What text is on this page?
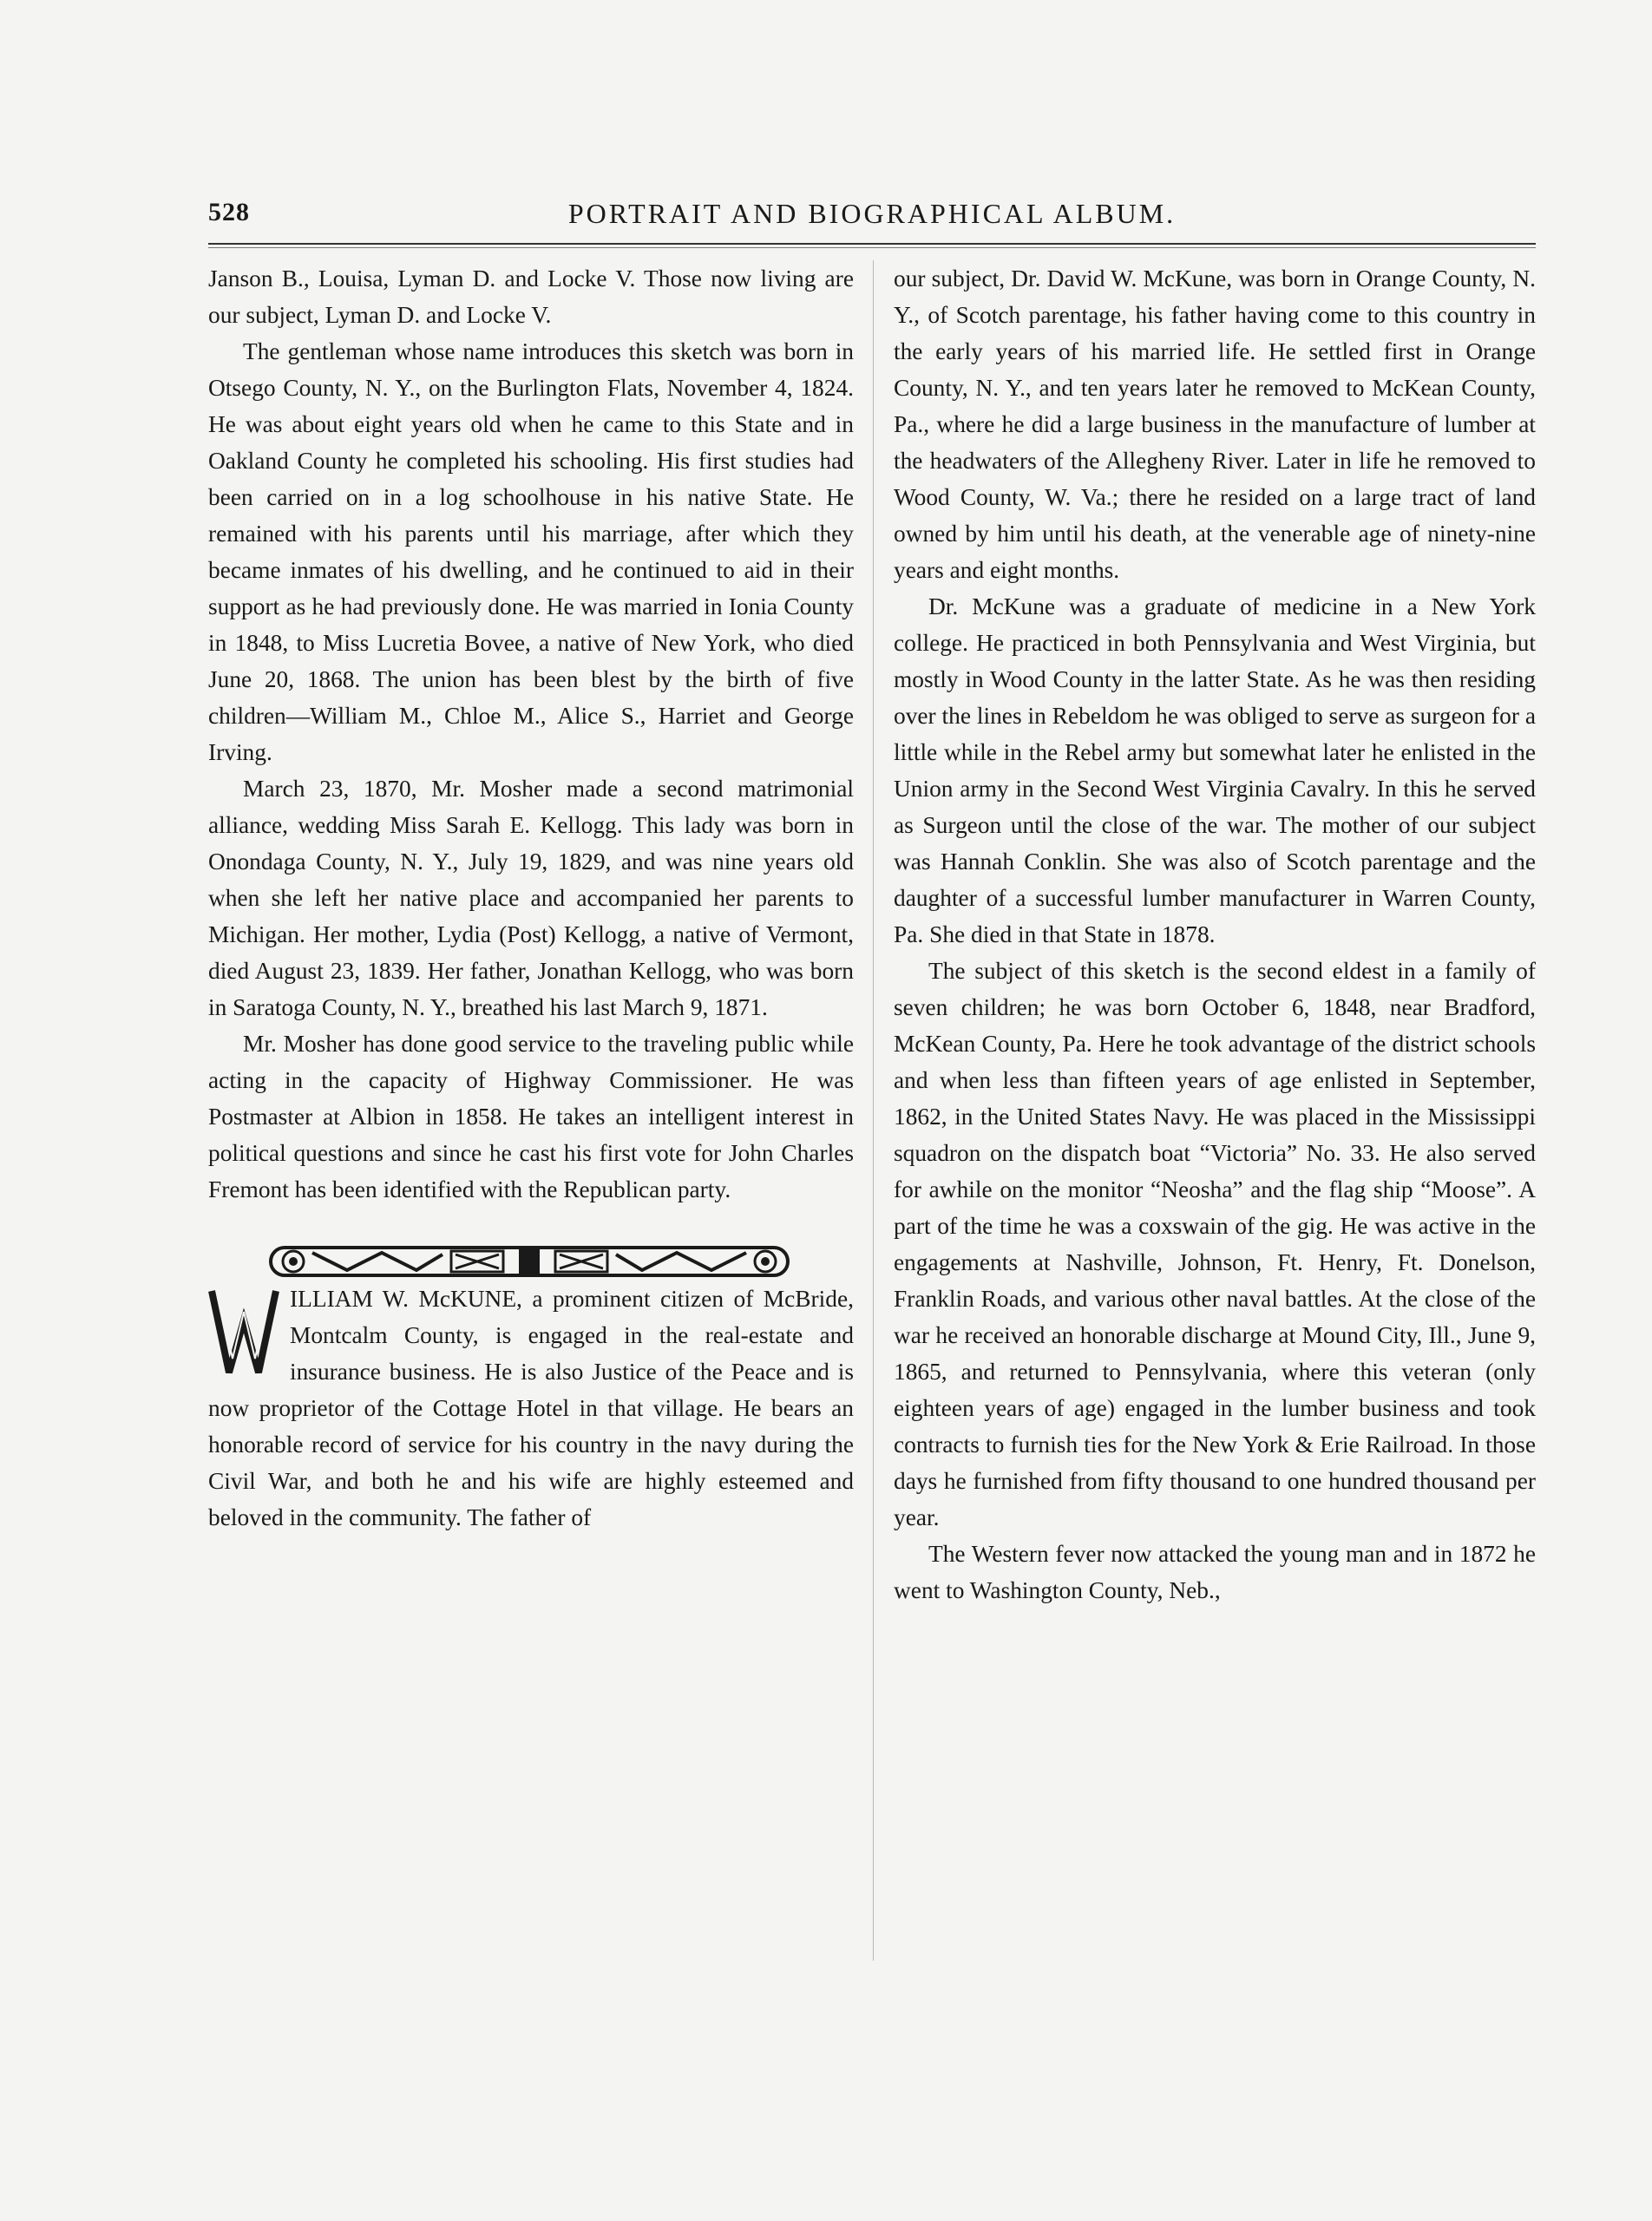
528	PORTRAIT AND BIOGRAPHICAL ALBUM.

Janson B., Louisa, Lyman D. and Locke V. Those now living are our subject, Lyman D. and Locke V.

The gentleman whose name introduces this sketch was born in Otsego County, N. Y., on the Burlington Flats, November 4, 1824. He was about eight years old when he came to this State and in Oakland County he completed his schooling. His first studies had been carried on in a log schoolhouse in his native State. He remained with his parents until his marriage, after which they became inmates of his dwelling, and he continued to aid in their support as he had previously done. He was married in Ionia County in 1848, to Miss Lucretia Bovee, a native of New York, who died June 20, 1868. The union has been blest by the birth of five children—William M., Chloe M., Alice S., Harriet and George Irving.

March 23, 1870, Mr. Mosher made a second matrimonial alliance, wedding Miss Sarah E. Kellogg. This lady was born in Onondaga County, N. Y., July 19, 1829, and was nine years old when she left her native place and accompanied her parents to Michigan. Her mother, Lydia (Post) Kellogg, a native of Vermont, died August 23, 1839. Her father, Jonathan Kellogg, who was born in Saratoga County, N. Y., breathed his last March 9, 1871.

Mr. Mosher has done good service to the traveling public while acting in the capacity of Highway Commissioner. He was Postmaster at Albion in 1858. He takes an intelligent interest in political questions and since he cast his first vote for John Charles Fremont has been identified with the Republican party.

ILLIAM W. McKUNE, a prominent citizen of McBride, Montcalm County, is engaged in the real-estate and insurance business. He is also Justice of the Peace and is now proprietor of the Cottage Hotel in that village. He bears an honorable record of service for his country in the navy during the Civil War, and both he and his wife are highly esteemed and beloved in the community. The father of

our subject, Dr. David W. McKune, was born in Orange County, N. Y., of Scotch parentage, his father having come to this country in the early years of his married life. He settled first in Orange County, N. Y., and ten years later he removed to McKean County, Pa., where he did a large business in the manufacture of lumber at the headwaters of the Allegheny River. Later in life he removed to Wood County, W. Va.; there he resided on a large tract of land owned by him until his death, at the venerable age of ninety-nine years and eight months.

Dr. McKune was a graduate of medicine in a New York college. He practiced in both Pennsylvania and West Virginia, but mostly in Wood County in the latter State. As he was then residing over the lines in Rebeldom he was obliged to serve as surgeon for a little while in the Rebel army but somewhat later he enlisted in the Union army in the Second West Virginia Cavalry. In this he served as Surgeon until the close of the war. The mother of our subject was Hannah Conklin. She was also of Scotch parentage and the daughter of a successful lumber manufacturer in Warren County, Pa. She died in that State in 1878.

The subject of this sketch is the second eldest in a family of seven children; he was born October 6, 1848, near Bradford, McKean County, Pa. Here he took advantage of the district schools and when less than fifteen years of age enlisted in September, 1862, in the United States Navy. He was placed in the Mississippi squadron on the dispatch boat “Victoria” No. 33. He also served for awhile on the monitor “Neosha” and the flag ship “Moose”. A part of the time he was a coxswain of the gig. He was active in the engagements at Nashville, Johnson, Ft. Henry, Ft. Donelson, Franklin Roads, and various other naval battles. At the close of the war he received an honorable discharge at Mound City, Ill., June 9, 1865, and returned to Pennsylvania, where this veteran (only eighteen years of age) engaged in the lumber business and took contracts to furnish ties for the New York & Erie Railroad. In those days he furnished from fifty thousand to one hundred thousand per year.

The Western fever now attacked the young man and in 1872 he went to Washington County, Neb.,
